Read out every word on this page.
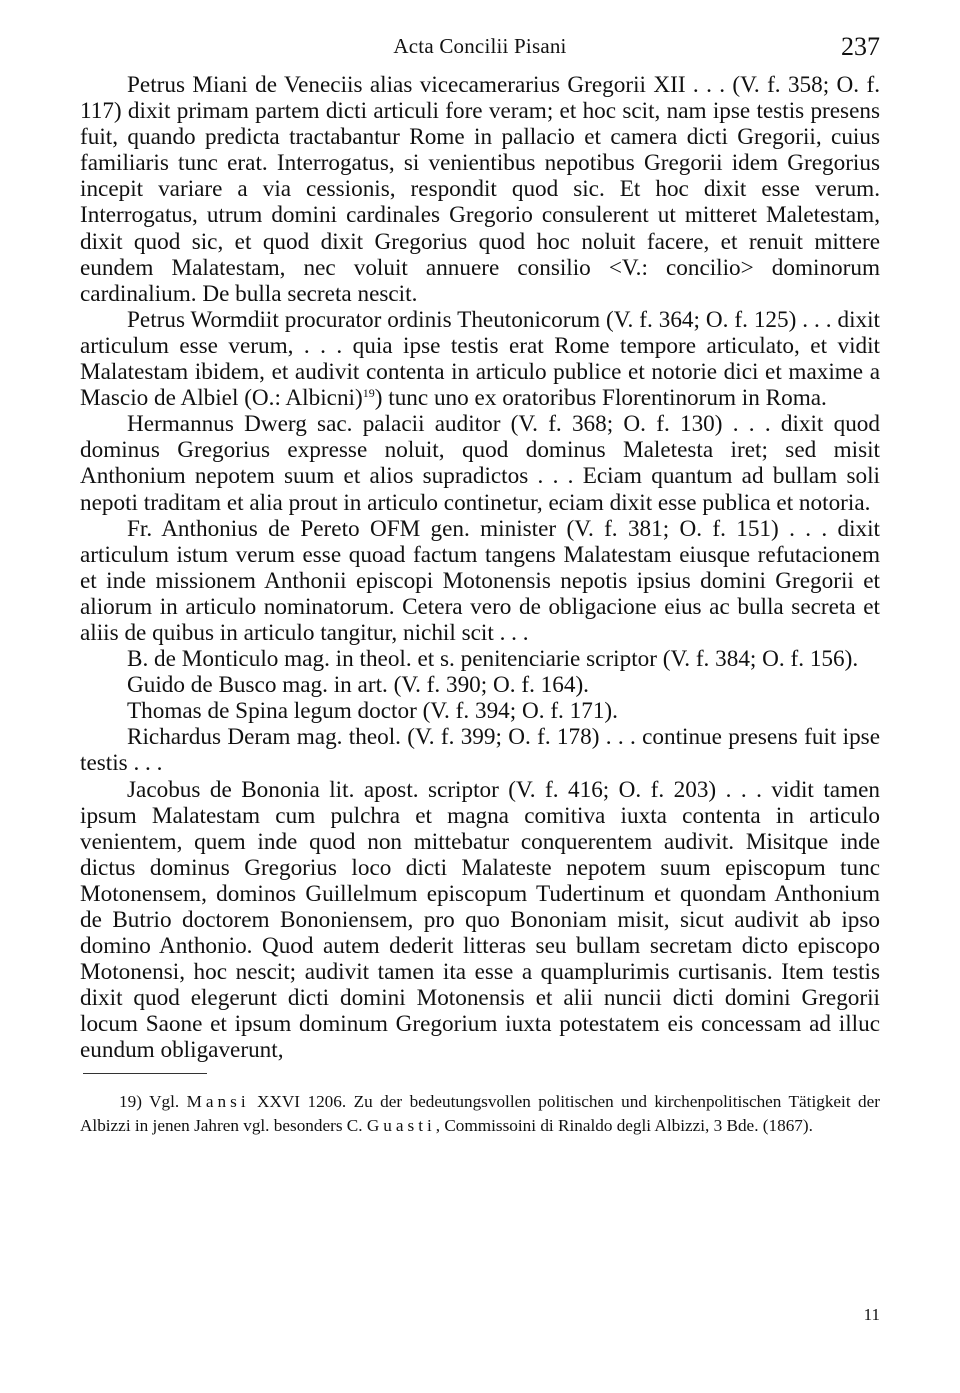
Acta Concilii Pisani	237

Petrus Miani de Veneciis alias vicecamerarius Gregorii XII . . . (V. f. 358; O. f. 117) dixit primam partem dicti articuli fore veram; et hoc scit, nam ipse testis presens fuit, quando predicta tractabantur Rome in pallacio et camera dicti Gregorii, cuius familiaris tunc erat. Interrogatus, si venientibus nepotibus Gregorii idem Gregorius incepit variare a via cessionis, respondit quod sic. Et hoc dixit esse verum. Interrogatus, utrum domini cardinales Gregorio consulerent ut mitteret Maletestam, dixit quod sic, et quod dixit Gregorius quod hoc noluit facere, et renuit mittere eundem Malatestam, nec voluit annuere consilio <V.: concilio> dominorum cardinalium. De bulla secreta nescit.

Petrus Wormdiit procurator ordinis Theutonicorum (V. f. 364; O. f. 125) . . . dixit articulum esse verum, . . . quia ipse testis erat Rome tempore articulato, et vidit Malatestam ibidem, et audivit contenta in articulo publice et notorie dici et maxime a Mascio de Albiel (O.: Albicni)$^{19}$) tunc uno ex oratoribus Florentinorum in Roma.

Hermannus Dwerg sac. palacii auditor (V. f. 368; O. f. 130) . . . dixit quod dominus Gregorius expresse noluit, quod dominus Maletesta iret; sed misit Anthonium nepotem suum et alios supradictos . . . Eciam quantum ad bullam soli nepoti traditam et alia prout in articulo continetur, eciam dixit esse publica et notoria.

Fr. Anthonius de Pereto OFM gen. minister (V. f. 381; O. f. 151) . . . dixit articulum istum verum esse quoad factum tangens Malatestam eiusque refutacionem et inde missionem Anthonii episcopi Motonensis nepotis ipsius domini Gregorii et aliorum in articulo nominatorum. Cetera vero de obligacione eius ac bulla secreta et aliis de quibus in articulo tangitur, nichil scit . . .

B. de Monticulo mag. in theol. et s. penitenciarie scriptor (V. f. 384; O. f. 156).

Guido de Busco mag. in art. (V. f. 390; O. f. 164).

Thomas de Spina legum doctor (V. f. 394; O. f. 171).

Richardus Deram mag. theol. (V. f. 399; O. f. 178) . . . continue presens fuit ipse testis . . .

Jacobus de Bononia lit. apost. scriptor (V. f. 416; O. f. 203) . . . vidit tamen ipsum Malatestam cum pulchra et magna comitiva iuxta contenta in articulo venientem, quem inde quod non mittebatur conquerentem audivit. Misitque inde dictus dominus Gregorius loco dicti Malateste nepotem suum episcopum tunc Motonensem, dominos Guillelmum episcopum Tudertinum et quondam Anthonium de Butrio doctorem Bononiensem, pro quo Bononiam misit, sicut audivit ab ipso domino Anthonio. Quod autem dederit litteras seu bullam secretam dicto episcopo Motonensi, hoc nescit; audivit tamen ita esse a quamplurimis curtisanis. Item testis dixit quod elegerunt dicti domini Motonensis et alii nuncii dicti domini Gregorii locum Saone et ipsum dominum Gregorium iuxta potestatem eis concessam ad illuc eundum obligaverunt,

19) Vgl. Mansi XXVI 1206. Zu der bedeutungsvollen politischen und kirchenpolitischen Tätigkeit der Albizzi in jenen Jahren vgl. besonders C. Guasti, Commissoini di Rinaldo degli Albizzi, 3 Bde. (1867).
11
